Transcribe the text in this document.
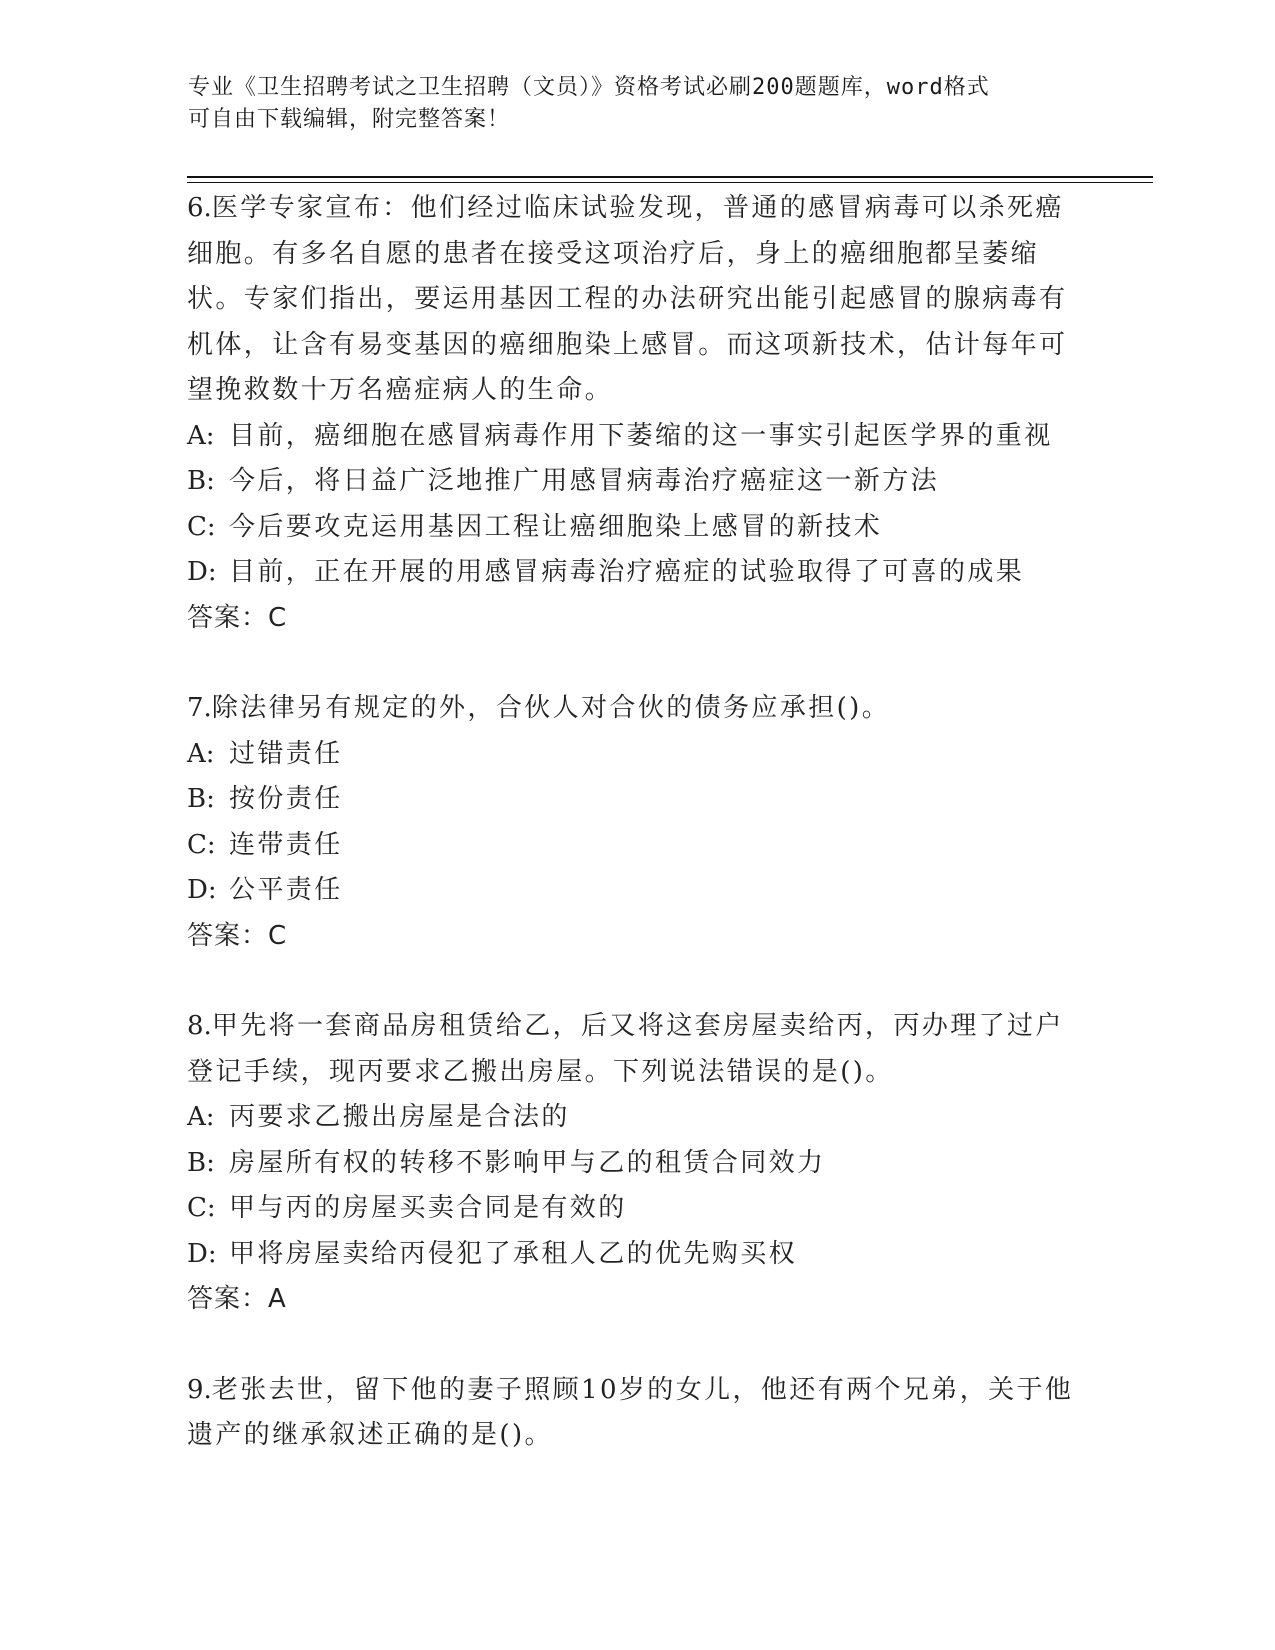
专业《卫生招聘考试之卫生招聘（文员）》资格考试必刷200题题库，word格式
可自由下载编辑，附完整答案！

6.医学专家宣布：他们经过临床试验发现，普通的感冒病毒可以杀死癌细胞。有多名自愿的患者在接受这项治疗后，身上的癌细胞都呈萎缩状。专家们指出，要运用基因工程的办法研究出能引起感冒的腺病毒有机体，让含有易变基因的癌细胞染上感冒。而这项新技术，估计每年可望挽救数十万名癌症病人的生命。

A: 目前，癌细胞在感冒病毒作用下萎缩的这一事实引起医学界的重视

B: 今后，将日益广泛地推广用感冒病毒治疗癌症这一新方法

C: 今后要攻克运用基因工程让癌细胞染上感冒的新技术

D: 目前，正在开展的用感冒病毒治疗癌症的试验取得了可喜的成果

答案：C

7.除法律另有规定的外，合伙人对合伙的债务应承担()。

A: 过错责任

B: 按份责任

C: 连带责任

D: 公平责任

答案：C

8.甲先将一套商品房租赁给乙，后又将这套房屋卖给丙，丙办理了过户登记手续，现丙要求乙搬出房屋。下列说法错误的是()。

A: 丙要求乙搬出房屋是合法的

B: 房屋所有权的转移不影响甲与乙的租赁合同效力

C: 甲与丙的房屋买卖合同是有效的

D: 甲将房屋卖给丙侵犯了承租人乙的优先购买权

答案：A

9.老张去世，留下他的妻子照顾10岁的女儿，他还有两个兄弟，关于他遗产的继承叙述正确的是()。
